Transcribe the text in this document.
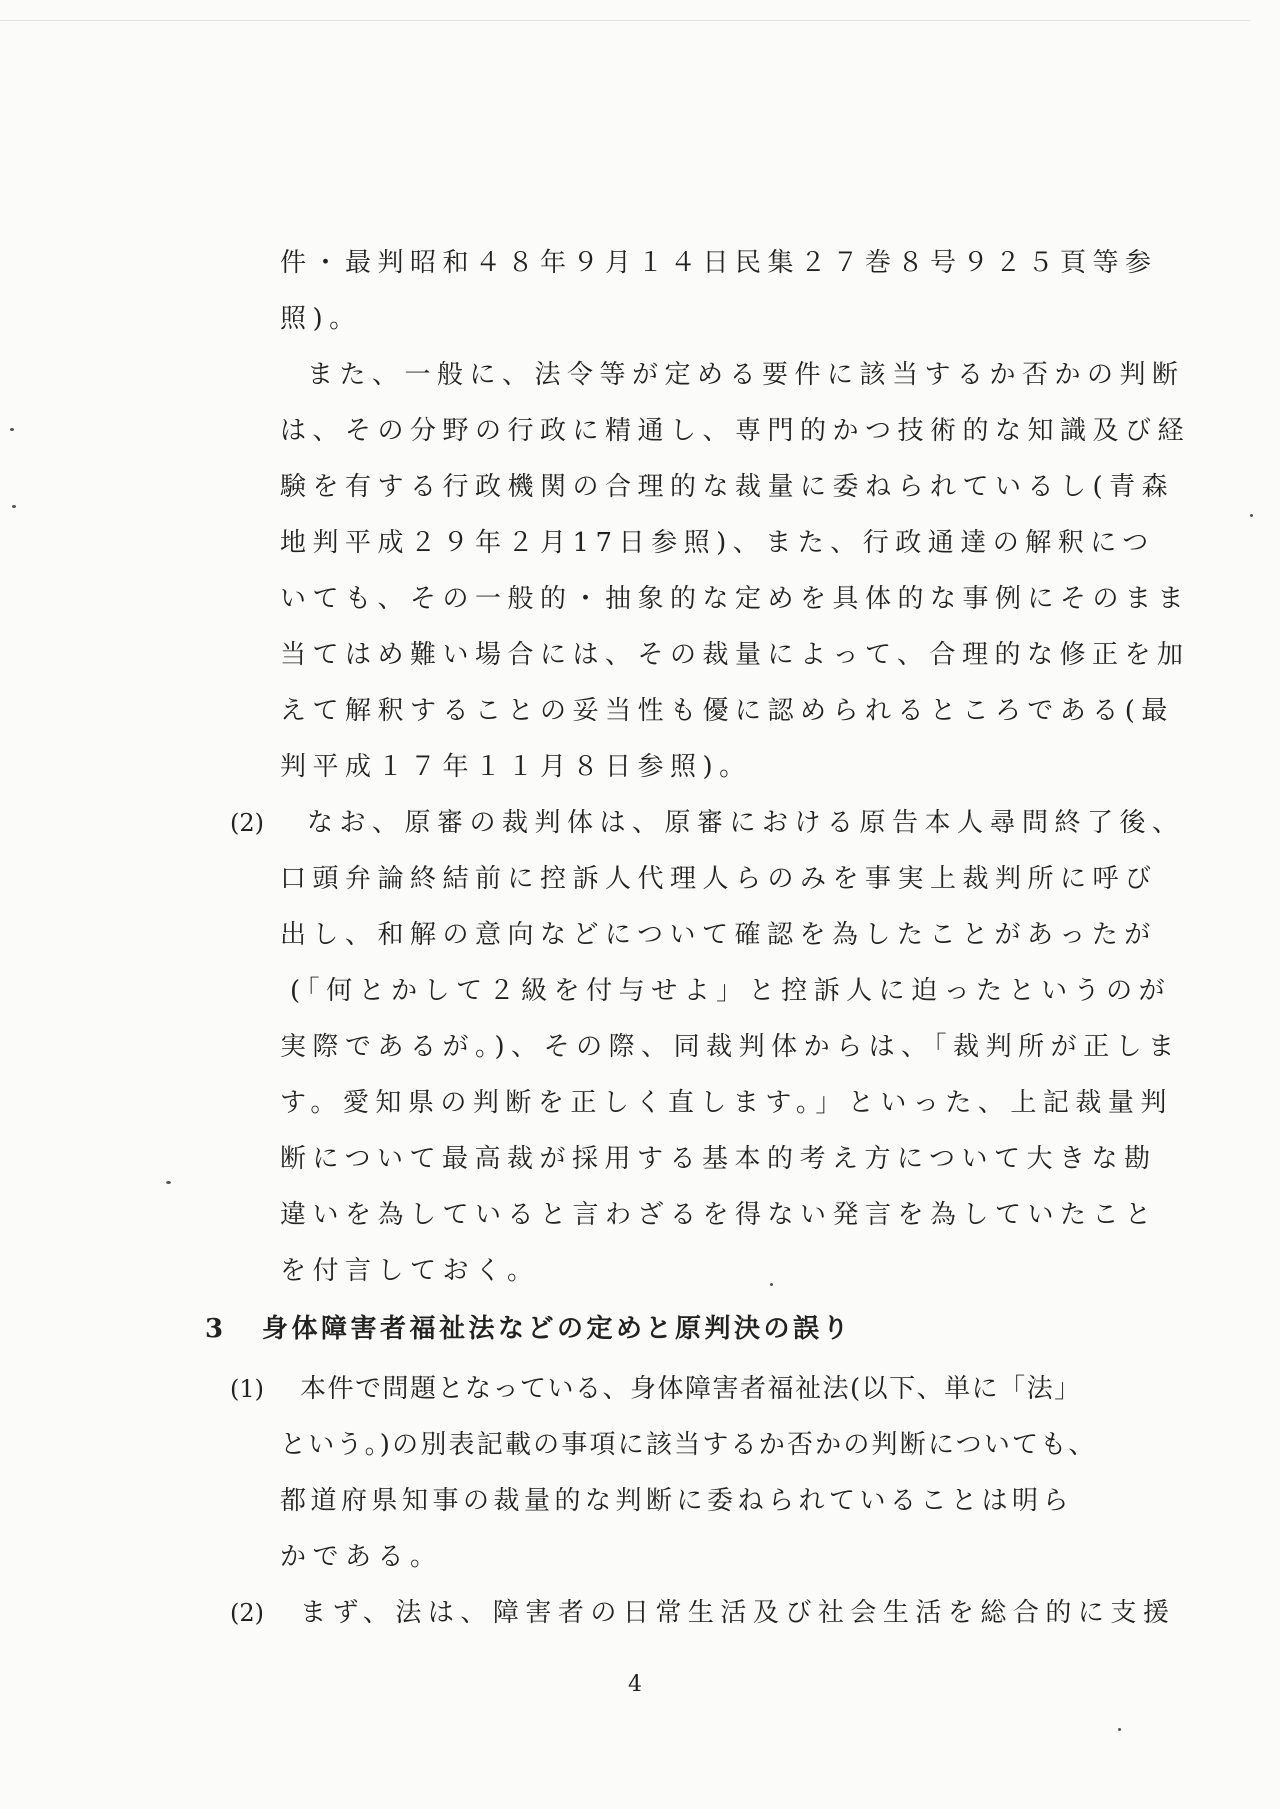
件・最判昭和４８年９月１４日民集２７巻８号９２５頁等参
照)。
また、一般に、法令等が定める要件に該当するか否かの判断
は、その分野の行政に精通し、専門的かつ技術的な知識及び経
験を有する行政機関の合理的な裁量に委ねられているし(青森
地判平成２９年２月17日参照)、また、行政通達の解釈につ
いても、その一般的・抽象的な定めを具体的な事例にそのまま
当てはめ難い場合には、その裁量によって、合理的な修正を加
えて解釈することの妥当性も優に認められるところである(最
判平成１７年１１月８日参照)。
(2) なお、原審の裁判体は、原審における原告本人尋問終了後、
口頭弁論終結前に控訴人代理人らのみを事実上裁判所に呼び
出し、和解の意向などについて確認を為したことがあったが
(「何とかして２級を付与せよ」と控訴人に迫ったというのが
実際であるが。)、その際、同裁判体からは、「裁判所が正しま
す。愛知県の判断を正しく直します。」といった、上記裁量判
断について最高裁が採用する基本的考え方について大きな勘
違いを為していると言わざるを得ない発言を為していたこと
を付言しておく。
3 身体障害者福祉法などの定めと原判決の誤り
(1) 本件で問題となっている、身体障害者福祉法(以下、単に「法」
という。)の別表記載の事項に該当するか否かの判断についても、
都道府県知事の裁量的な判断に委ねられていることは明ら
かである。
(2) まず、法は、障害者の日常生活及び社会生活を総合的に支援
4
